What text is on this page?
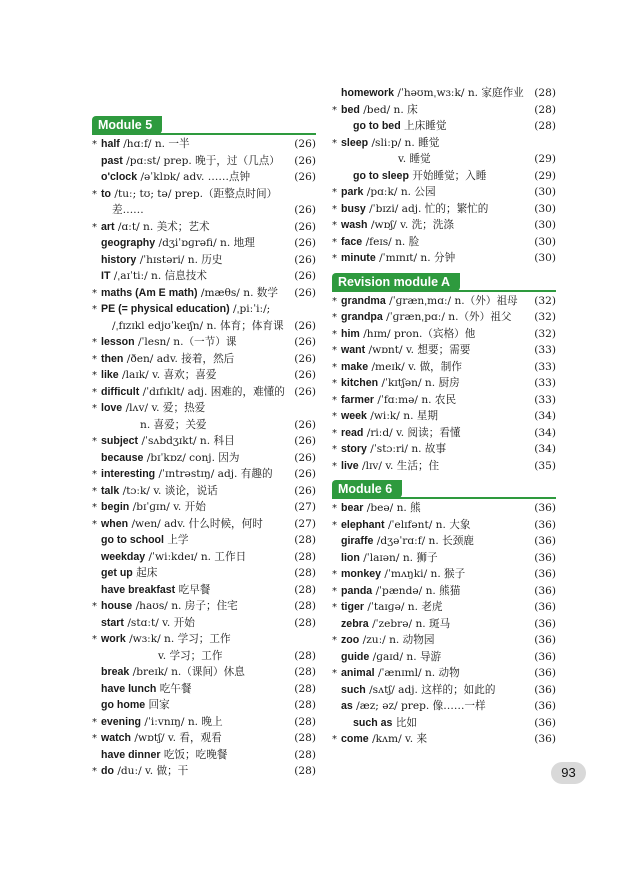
Module 5
* half /hɑːf/ n. 一半	(26)
past /pɑːst/ prep. 晚于，过（几点） (26)
o'clock /əˈklɒk/ adv. ……点钟	(26)
* to /tuː; tʊ; tə/ prep.（距整点时间）
差……	(26)
* art /ɑːt/ n. 美术；艺术	(26)
geography /dʒiˈɒɡrəfi/ n. 地理	(26)
history /ˈhɪstəri/ n. 历史	(26)
IT /ˌaɪˈtiː/ n. 信息技术	(26)
* maths (Am E math) /mæθs/ n. 数学 (26)
* PE (= physical education) /ˌpiːˈiː/;
/ˌfɪzɪkl edjʊˈkeɪʃn/ n. 体育；体育课 (26)
* lesson /ˈlesn/ n.（一节）课	(26)
* then /ðen/ adv. 接着，然后	(26)
* like /laɪk/ v. 喜欢；喜爱	(26)
* difficult /ˈdɪfɪklt/ adj. 困难的，难懂的 (26)
* love /lʌv/ v. 爱；热爱
n. 喜爱；关爱	(26)
* subject /ˈsʌbdʒɪkt/ n. 科目	(26)
because /bɪˈkɒz/ conj. 因为	(26)
* interesting /ˈɪntrəstɪŋ/ adj. 有趣的 (26)
* talk /tɔːk/ v. 谈论，说话	(26)
* begin /bɪˈɡɪn/ v. 开始	(27)
* when /wen/ adv. 什么时候，何时	(27)
go to school 上学	(28)
weekday /ˈwiːkdeɪ/ n. 工作日	(28)
get up 起床	(28)
have breakfast 吃早餐	(28)
* house /haʊs/ n. 房子；住宅	(28)
start /stɑːt/ v. 开始	(28)
* work /wɜːk/ n. 学习；工作
v. 学习；工作	(28)
break /breɪk/ n.（课间）休息	(28)
have lunch 吃午餐	(28)
go home 回家	(28)
* evening /ˈiːvnɪŋ/ n. 晚上	(28)
* watch /wɒtʃ/ v. 看，观看	(28)
have dinner 吃饭；吃晚餐	(28)
* do /duː/ v. 做；干	(28)
homework /ˈhəʊmˌwɜːk/ n. 家庭作业 (28)
* bed /bed/ n. 床	(28)
go to bed 上床睡觉	(28)
* sleep /sliːp/ n. 睡觉
v. 睡觉	(29)
go to sleep 开始睡觉；入睡	(29)
* park /pɑːk/ n. 公园	(30)
* busy /ˈbɪzi/ adj. 忙的；繁忙的	(30)
* wash /wɒʃ/ v. 洗；洗涤	(30)
* face /feɪs/ n. 脸	(30)
* minute /ˈmɪnɪt/ n. 分钟	(30)
Revision module A
* grandma /ˈɡrænˌmɑː/ n.（外）祖母 (32)
* grandpa /ˈɡrænˌpɑː/ n.（外）祖父 (32)
* him /hɪm/ pron.（宾格）他	(32)
* want /wɒnt/ v. 想要；需要	(33)
* make /meɪk/ v. 做，制作	(33)
* kitchen /ˈkɪtʃən/ n. 厨房	(33)
* farmer /ˈfɑːmə/ n. 农民	(33)
* week /wiːk/ n. 星期	(34)
* read /riːd/ v. 阅读；看懂	(34)
* story /ˈstɔːri/ n. 故事	(34)
* live /lɪv/ v. 生活；住	(35)
Module 6
* bear /beə/ n. 熊	(36)
* elephant /ˈelɪfənt/ n. 大象	(36)
giraffe /dʒəˈrɑːf/ n. 长颈鹿	(36)
lion /ˈlaɪən/ n. 狮子	(36)
* monkey /ˈmʌŋki/ n. 猴子	(36)
* panda /ˈpændə/ n. 熊猫	(36)
* tiger /ˈtaɪɡə/ n. 老虎	(36)
zebra /ˈzebrə/ n. 斑马	(36)
* zoo /zuː/ n. 动物园	(36)
guide /ɡaɪd/ n. 导游	(36)
* animal /ˈænɪml/ n. 动物	(36)
such /sʌtʃ/ adj. 这样的；如此的	(36)
as /æz; əz/ prep. 像……一样	(36)
such as 比如	(36)
* come /kʌm/ v. 来	(36)
93
